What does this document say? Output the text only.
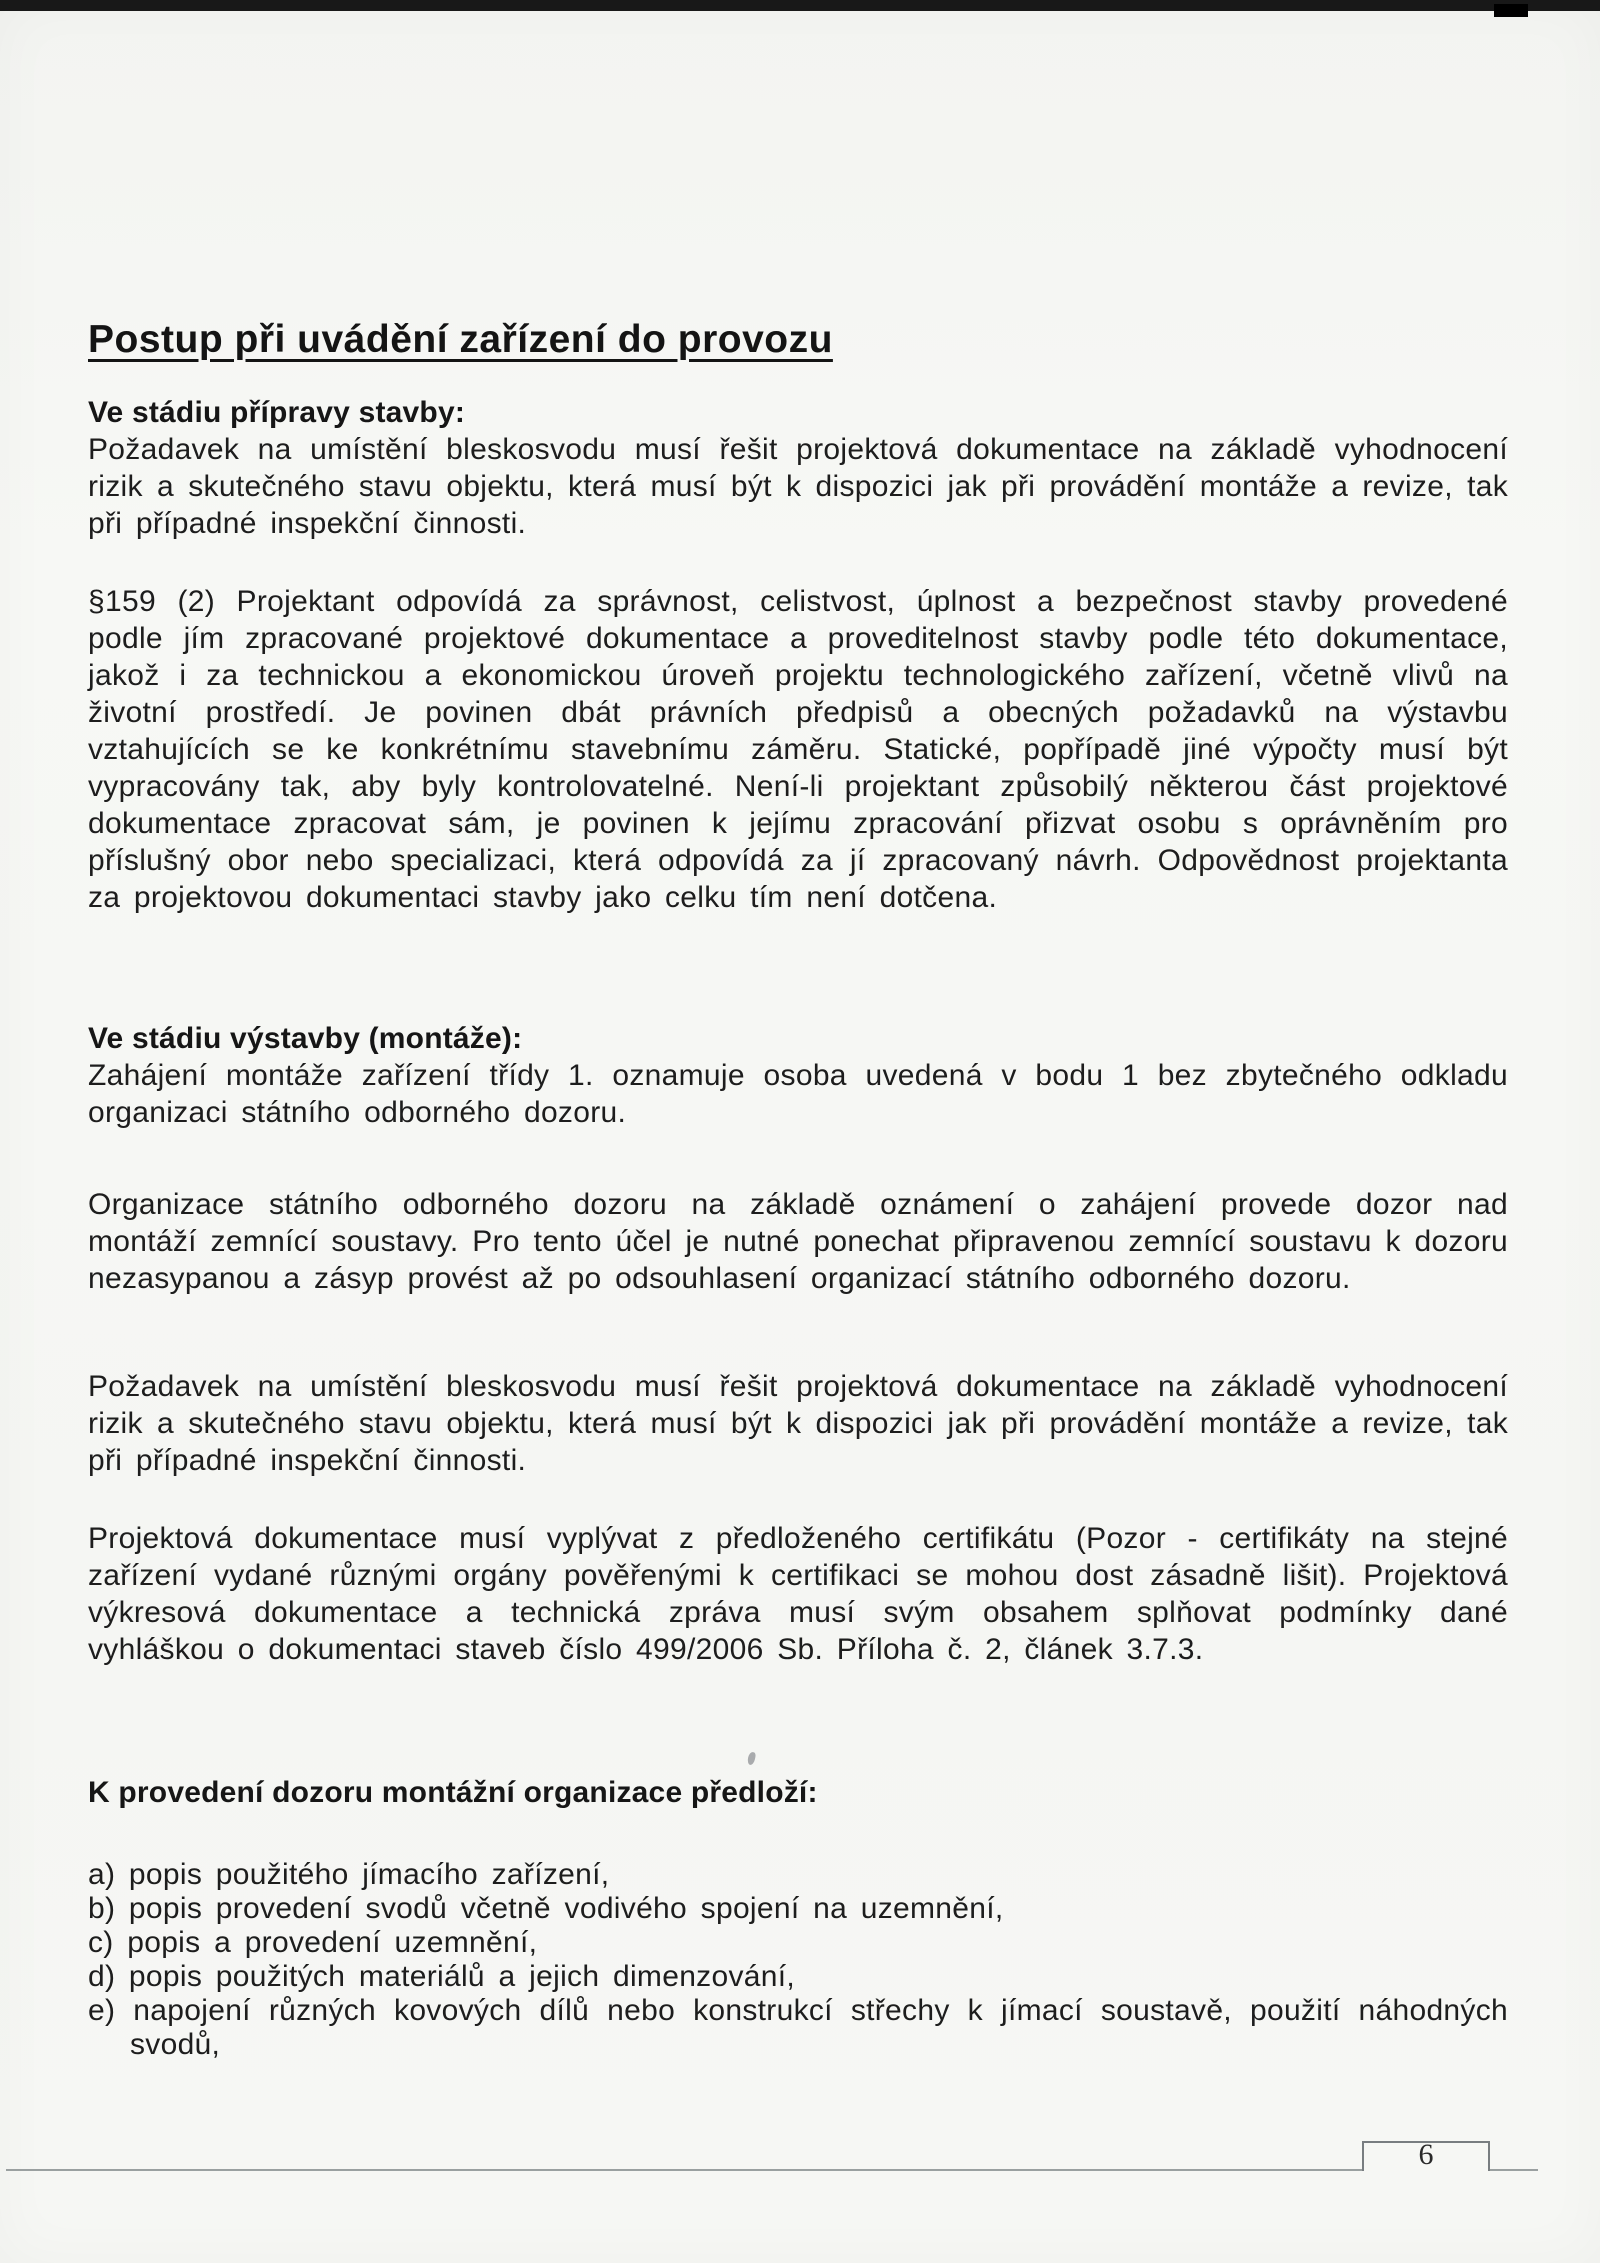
Postup při uvádění zařízení do provozu
Ve stádiu přípravy stavby:

Požadavek na umístění bleskosvodu musí řešit projektová dokumentace na základě vyhodnocení rizik a skutečného stavu objektu, která musí být k dispozici jak při provádění montáže a revize, tak při případné inspekční činnosti.

§159 (2) Projektant odpovídá za správnost, celistvost, úplnost a bezpečnost stavby provedené podle jím zpracované projektové dokumentace a proveditelnost stavby podle této dokumentace, jakož i za technickou a ekonomickou úroveň projektu technologického zařízení, včetně vlivů na životní prostředí. Je povinen dbát právních předpisů a obecných požadavků na výstavbu vztahujících se ke konkrétnímu stavebnímu záměru. Statické, popřípadě jiné výpočty musí být vypracovány tak, aby byly kontrolovatelné. Není-li projektant způsobilý některou část projektové dokumentace zpracovat sám, je povinen k jejímu zpracování přizvat osobu s oprávněním pro příslušný obor nebo specializaci, která odpovídá za jí zpracovaný návrh. Odpovědnost projektanta za projektovou dokumentaci stavby jako celku tím není dotčena.

Ve stádiu výstavby (montáže):

Zahájení montáže zařízení třídy 1. oznamuje osoba uvedená v bodu 1 bez zbytečného odkladu organizaci státního odborného dozoru.

Organizace státního odborného dozoru na základě oznámení o zahájení provede dozor nad montáží zemnící soustavy. Pro tento účel je nutné ponechat připravenou zemnící soustavu k dozoru nezasypanou a zásyp provést až po odsouhlasení organizací státního odborného dozoru.

Požadavek na umístění bleskosvodu musí řešit projektová dokumentace na základě vyhodnocení rizik a skutečného stavu objektu, která musí být k dispozici jak při provádění montáže a revize, tak při případné inspekční činnosti.

Projektová dokumentace musí vyplývat z předloženého certifikátu (Pozor - certifikáty na stejné zařízení vydané různými orgány pověřenými k certifikaci se mohou dost zásadně lišit). Projektová výkresová dokumentace a technická zpráva musí svým obsahem splňovat podmínky dané vyhláškou o dokumentaci staveb číslo 499/2006 Sb. Příloha č. 2, článek 3.7.3.

K provedení dozoru montážní organizace předloží:
a) popis použitého jímacího zařízení,
b) popis provedení svodů včetně vodivého spojení na uzemnění,
c) popis a provedení uzemnění,
d) popis použitých materiálů a jejich dimenzování,
e) napojení různých kovových dílů nebo konstrukcí střechy k jímací soustavě, použití náhodných svodů,
6
